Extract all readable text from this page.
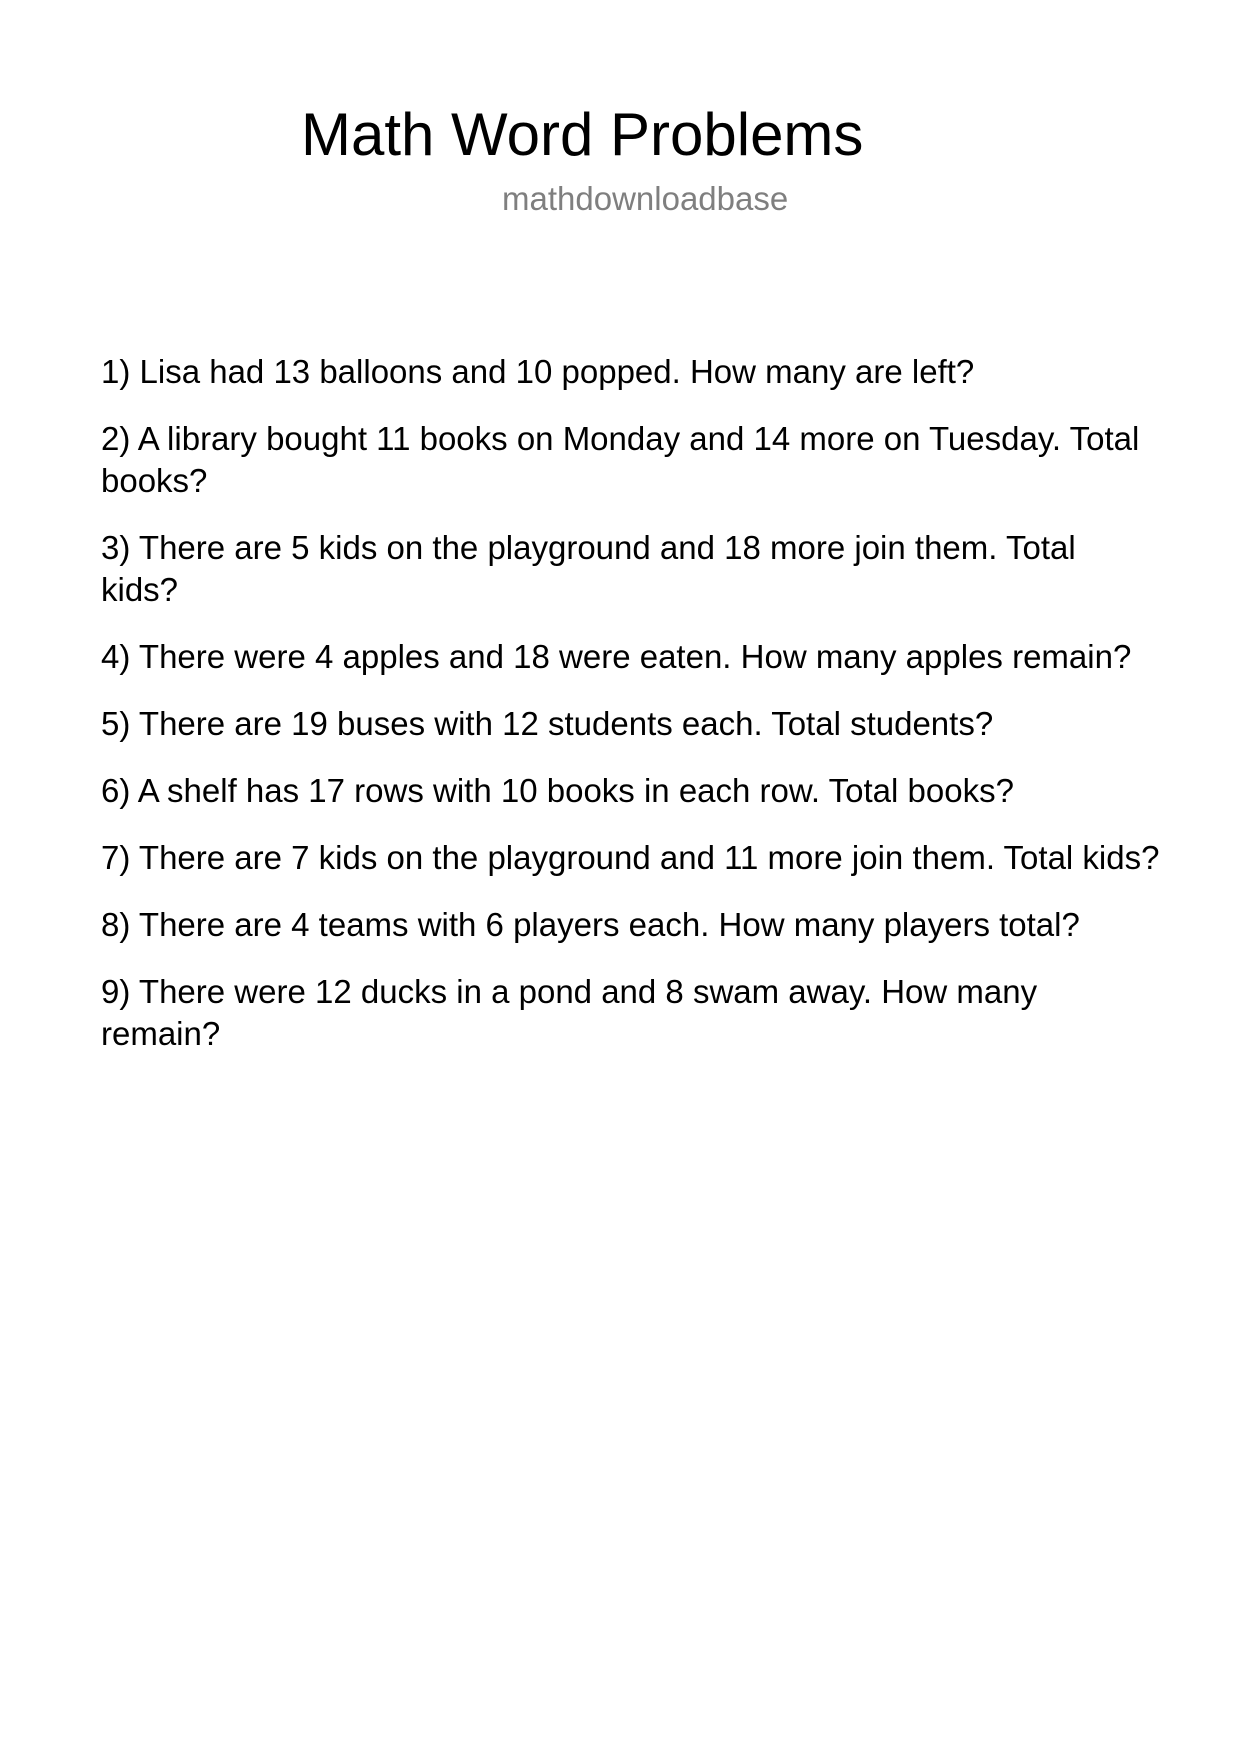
Math Word Problems
mathdownloadbase
1) Lisa had 13 balloons and 10 popped. How many are left?
2) A library bought 11 books on Monday and 14 more on Tuesday. Total books?
3) There are 5 kids on the playground and 18 more join them. Total kids?
4) There were 4 apples and 18 were eaten. How many apples remain?
5) There are 19 buses with 12 students each. Total students?
6) A shelf has 17 rows with 10 books in each row. Total books?
7) There are 7 kids on the playground and 11 more join them. Total kids?
8) There are 4 teams with 6 players each. How many players total?
9) There were 12 ducks in a pond and 8 swam away. How many remain?
